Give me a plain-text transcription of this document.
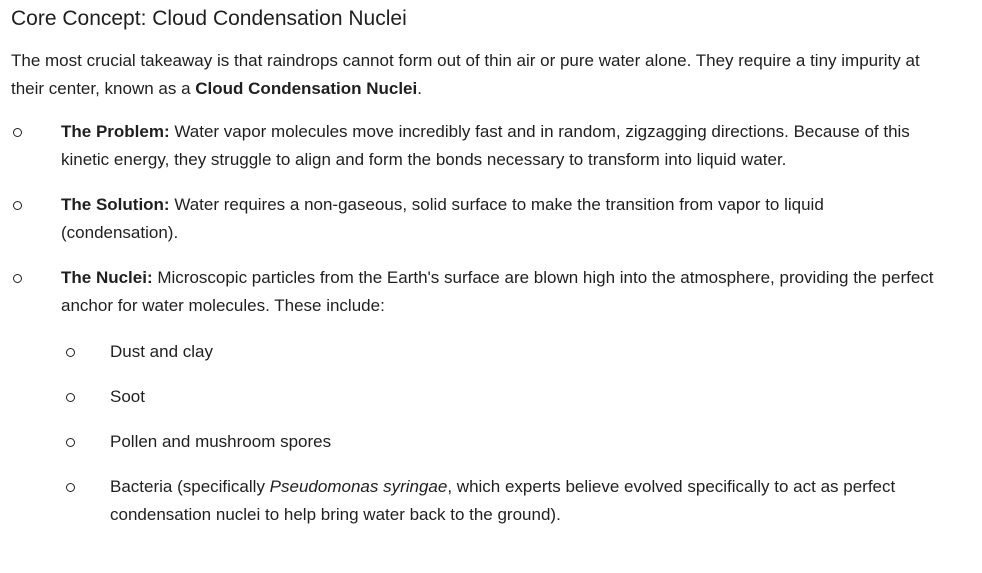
Core Concept: Cloud Condensation Nuclei

The most crucial takeaway is that raindrops cannot form out of thin air or pure water alone. They require a tiny impurity at their center, known as a Cloud Condensation Nuclei.

The Problem: Water vapor molecules move incredibly fast and in random, zigzagging directions. Because of this kinetic energy, they struggle to align and form the bonds necessary to transform into liquid water.
The Solution: Water requires a non-gaseous, solid surface to make the transition from vapor to liquid (condensation).
The Nuclei: Microscopic particles from the Earth's surface are blown high into the atmosphere, providing the perfect anchor for water molecules. These include:
Dust and clay
Soot
Pollen and mushroom spores
Bacteria (specifically Pseudomonas syringae, which experts believe evolved specifically to act as perfect condensation nuclei to help bring water back to the ground).
